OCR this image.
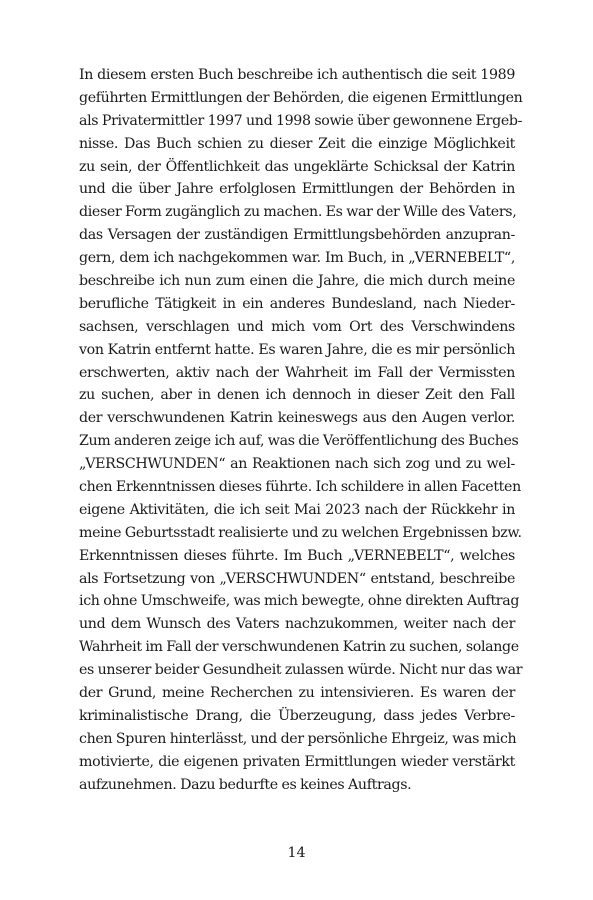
In diesem ersten Buch beschreibe ich authentisch die seit 1989
geführten Ermittlungen der Behörden, die eigenen Ermittlungen
als Privatermittler 1997 und 1998 sowie über gewonnene Ergeb-
nisse. Das Buch schien zu dieser Zeit die einzige Möglichkeit
zu sein, der Öffentlichkeit das ungeklärte Schicksal der Katrin
und die über Jahre erfolglosen Ermittlungen der Behörden in
dieser Form zugänglich zu machen. Es war der Wille des Vaters,
das Versagen der zuständigen Ermittlungsbehörden anzupran-
gern, dem ich nachgekommen war. Im Buch, in „VERNEBELT“,
beschreibe ich nun zum einen die Jahre, die mich durch meine
berufliche Tätigkeit in ein anderes Bundesland, nach Nieder-
sachsen, verschlagen und mich vom Ort des Verschwindens
von Katrin entfernt hatte. Es waren Jahre, die es mir persönlich
erschwerten, aktiv nach der Wahrheit im Fall der Vermissten
zu suchen, aber in denen ich dennoch in dieser Zeit den Fall
der verschwundenen Katrin keineswegs aus den Augen verlor.
Zum anderen zeige ich auf, was die Veröffentlichung des Buches
„VERSCHWUNDEN“ an Reaktionen nach sich zog und zu wel-
chen Erkenntnissen dieses führte. Ich schildere in allen Facetten
eigene Aktivitäten, die ich seit Mai 2023 nach der Rückkehr in
meine Geburtsstadt realisierte und zu welchen Ergebnissen bzw.
Erkenntnissen dieses führte. Im Buch „VERNEBELT“, welches
als Fortsetzung von „VERSCHWUNDEN“ entstand, beschreibe
ich ohne Umschweife, was mich bewegte, ohne direkten Auftrag
und dem Wunsch des Vaters nachzukommen, weiter nach der
Wahrheit im Fall der verschwundenen Katrin zu suchen, solange
es unserer beider Gesundheit zulassen würde. Nicht nur das war
der Grund, meine Recherchen zu intensivieren. Es waren der
kriminalistische Drang, die Überzeugung, dass jedes Verbre-
chen Spuren hinterlässt, und der persönliche Ehrgeiz, was mich
motivierte, die eigenen privaten Ermittlungen wieder verstärkt
aufzunehmen. Dazu bedurfte es keines Auftrags.
14
